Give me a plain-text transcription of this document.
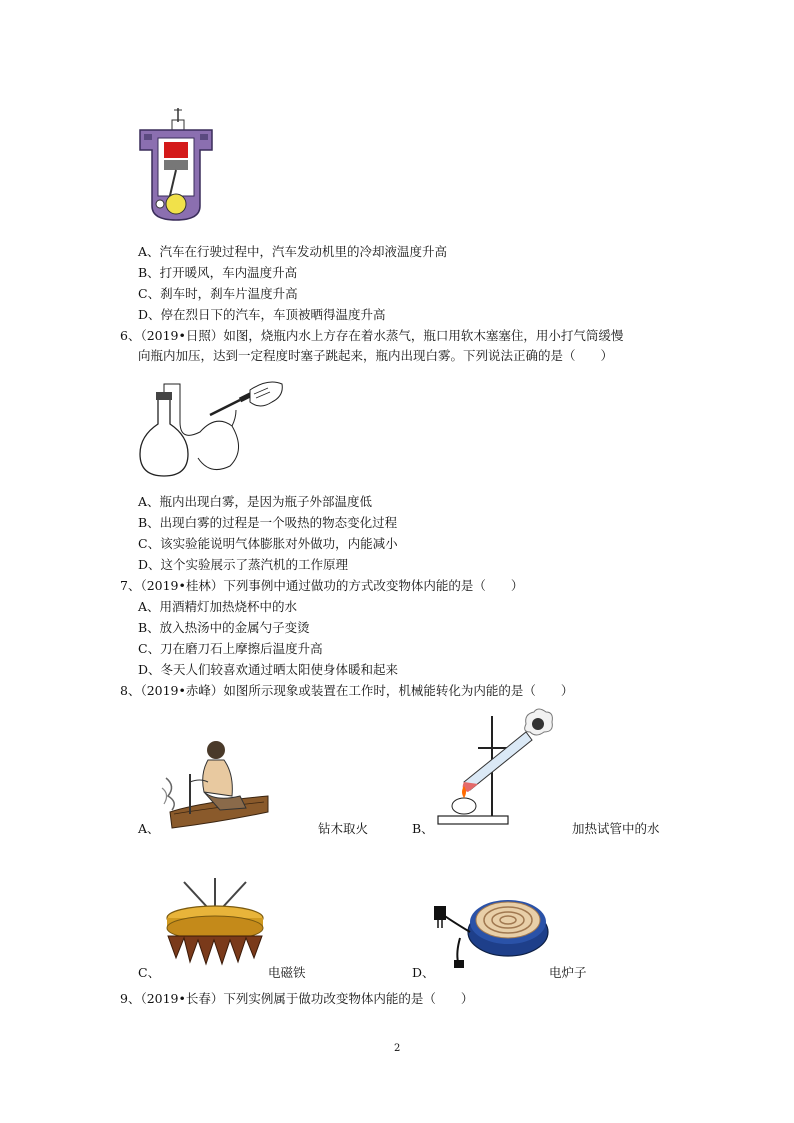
A、汽车在行驶过程中，汽车发动机里的冷却液温度升高
B、打开暖风，车内温度升高
C、刹车时，刹车片温度升高
D、停在烈日下的汽车，车顶被晒得温度升高
6、（2019•日照）如图，烧瓶内水上方存在着水蒸气，瓶口用软木塞塞住，用小打气筒缓慢
向瓶内加压，达到一定程度时塞子跳起来，瓶内出现白雾。下列说法正确的是（　　）
A、瓶内出现白雾，是因为瓶子外部温度低
B、出现白雾的过程是一个吸热的物态变化过程
C、该实验能说明气体膨胀对外做功，内能减小
D、这个实验展示了蒸汽机的工作原理
7、（2019•桂林）下列事例中通过做功的方式改变物体内能的是（　　）
A、用酒精灯加热烧杯中的水
B、放入热汤中的金属勺子变烫
C、刀在磨刀石上摩擦后温度升高
D、冬天人们较喜欢通过晒太阳使身体暖和起来
8、（2019•赤峰）如图所示现象或装置在工作时，机械能转化为内能的是（　　）
A、	钻木取火	B、	加热试管中的水
C、	电磁铁	D、	电炉子
9、（2019•长春）下列实例属于做功改变物体内能的是（　　）
2
